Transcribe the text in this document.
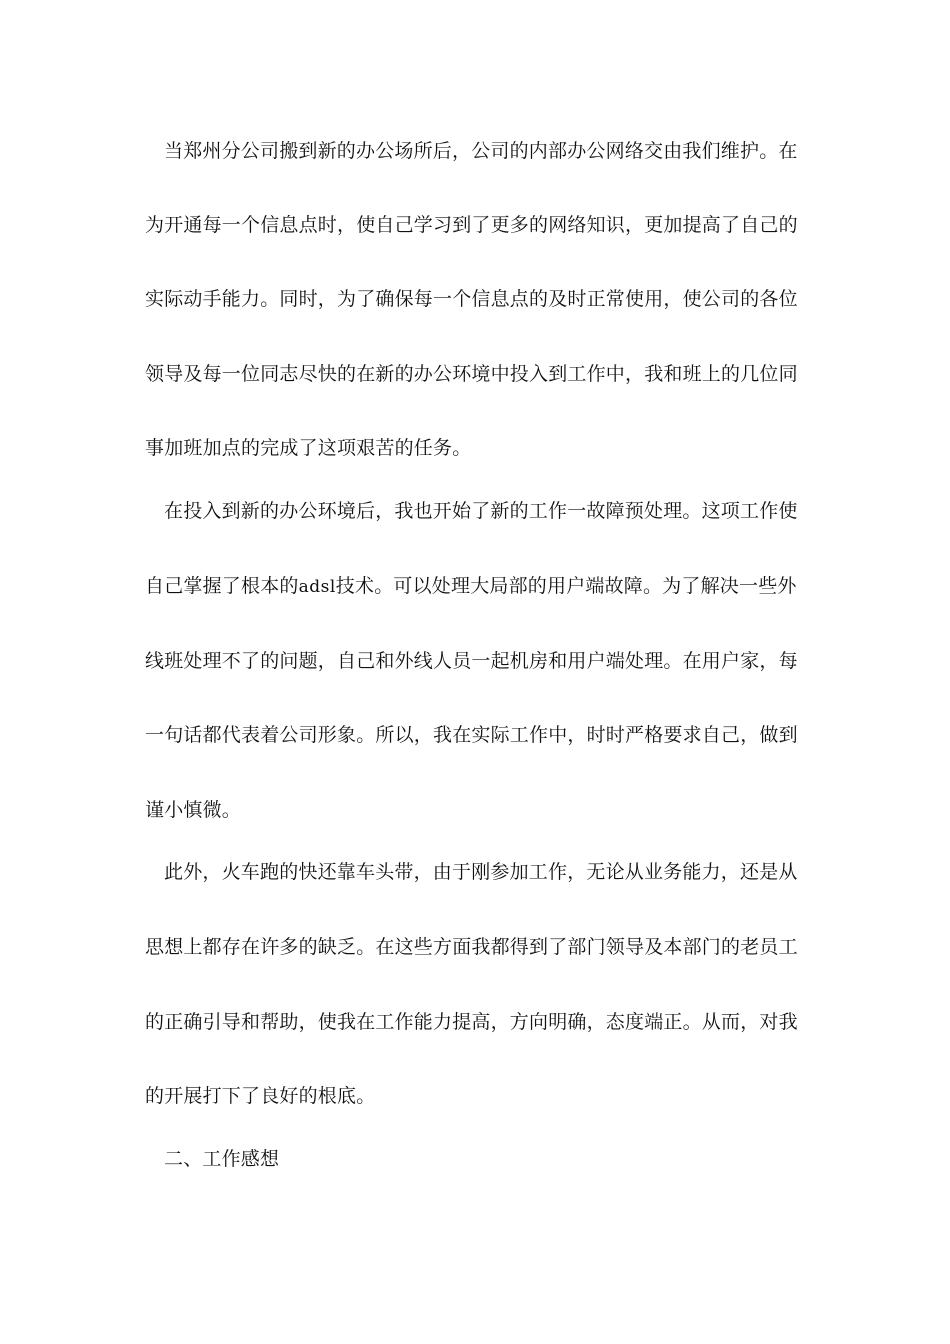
当郑州分公司搬到新的办公场所后，公司的内部办公网络交由我们维护。在
为开通每一个信息点时，使自己学习到了更多的网络知识，更加提高了自己的
实际动手能力。同时，为了确保每一个信息点的及时正常使用，使公司的各位
领导及每一位同志尽快的在新的办公环境中投入到工作中，我和班上的几位同
事加班加点的完成了这项艰苦的任务。
在投入到新的办公环境后，我也开始了新的工作一故障预处理。这项工作使
自己掌握了根本的adsl技术。可以处理大局部的用户端故障。为了解决一些外
线班处理不了的问题，自己和外线人员一起机房和用户端处理。在用户家，每
一句话都代表着公司形象。所以，我在实际工作中，时时严格要求自己，做到
谨小慎微。
此外，火车跑的快还靠车头带，由于刚参加工作，无论从业务能力，还是从
思想上都存在许多的缺乏。在这些方面我都得到了部门领导及本部门的老员工
的正确引导和帮助，使我在工作能力提高，方向明确，态度端正。从而，对我
的开展打下了良好的根底。
二、工作感想
